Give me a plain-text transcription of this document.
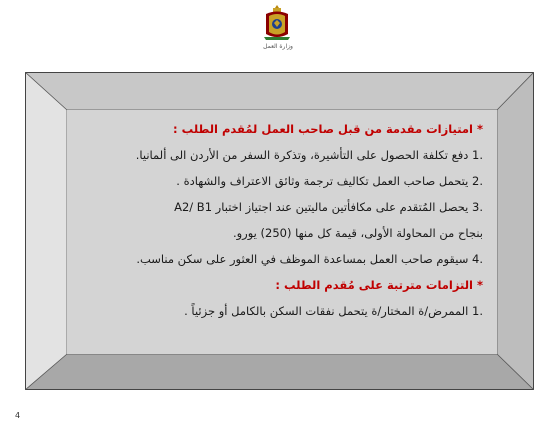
وزارة العمل
* امتيازات مقدمة من قبل صاحب العمل لمُقدم الطلب :
1. دفع تكلفة الحصول على التأشيرة، وتذكرة السفر من الأردن الى ألمانيا.
2. يتحمل صاحب العمل تكاليف ترجمة وثائق الاعتراف والشهادة .
3. يحصل المُتقدم على مكافأتين ماليتين عند اجتياز اختبار A2/ B1
بنجاح من المحاولة الأولى، قيمة كل منها (250) يورو.
4. سيقوم صاحب العمل بمساعدة الموظف في العثور على سكن مناسب.
* التزامات مترتبة على مُقدم الطلب :
1. الممرض/ة المختار/ة يتحمل نفقات السكن بالكامل أو جزئياً .
4
